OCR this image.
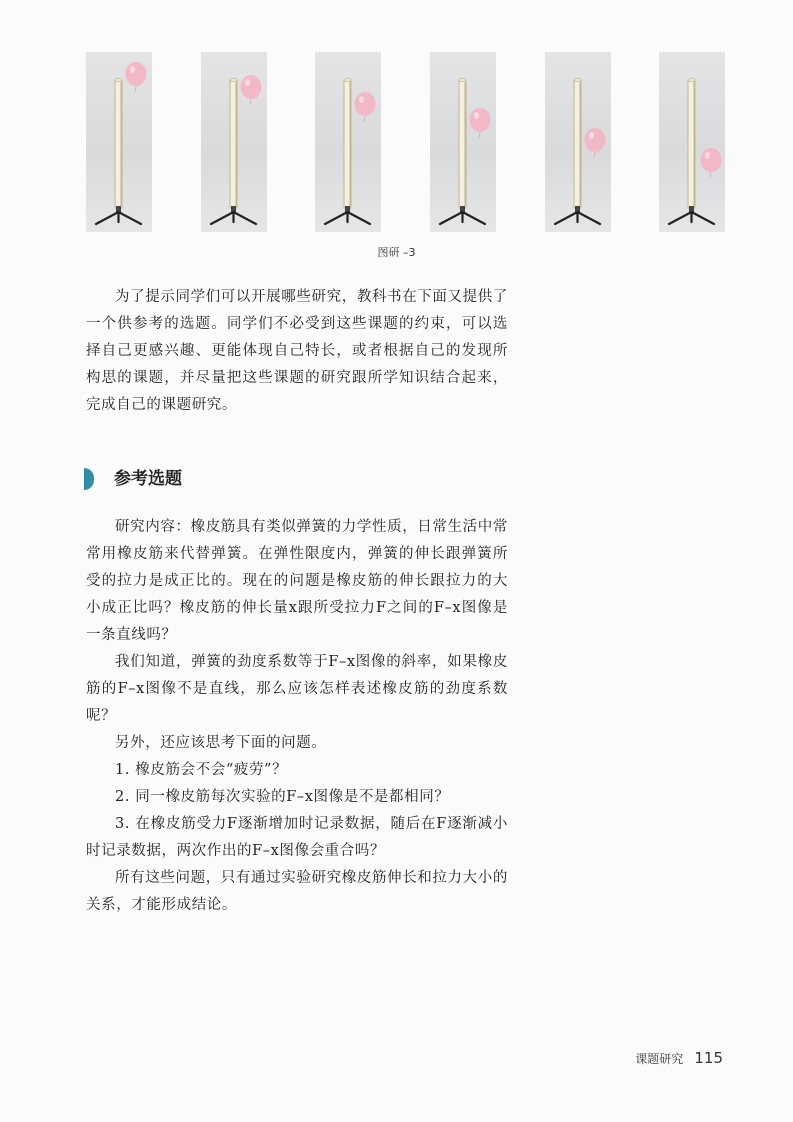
图研 –3

为了提示同学们可以开展哪些研究，教科书在下面又提供了一个供参考的选题。同学们不必受到这些课题的约束，可以选择自己更感兴趣、更能体现自己特长，或者根据自己的发现所构思的课题，并尽量把这些课题的研究跟所学知识结合起来，完成自己的课题研究。

参考选题

研究内容：橡皮筋具有类似弹簧的力学性质，日常生活中常常用橡皮筋来代替弹簧。在弹性限度内，弹簧的伸长跟弹簧所受的拉力是成正比的。现在的问题是橡皮筋的伸长跟拉力的大小成正比吗？橡皮筋的伸长量x跟所受拉力F之间的F–x图像是一条直线吗？

我们知道，弹簧的劲度系数等于F–x图像的斜率，如果橡皮筋的F–x图像不是直线，那么应该怎样表述橡皮筋的劲度系数呢？

另外，还应该思考下面的问题。

1. 橡皮筋会不会“疲劳”？

2. 同一橡皮筋每次实验的F–x图像是不是都相同？

3. 在橡皮筋受力F逐渐增加时记录数据，随后在F逐渐减小时记录数据，两次作出的F–x图像会重合吗？

所有这些问题，只有通过实验研究橡皮筋伸长和拉力大小的关系，才能形成结论。

课题研究 115
